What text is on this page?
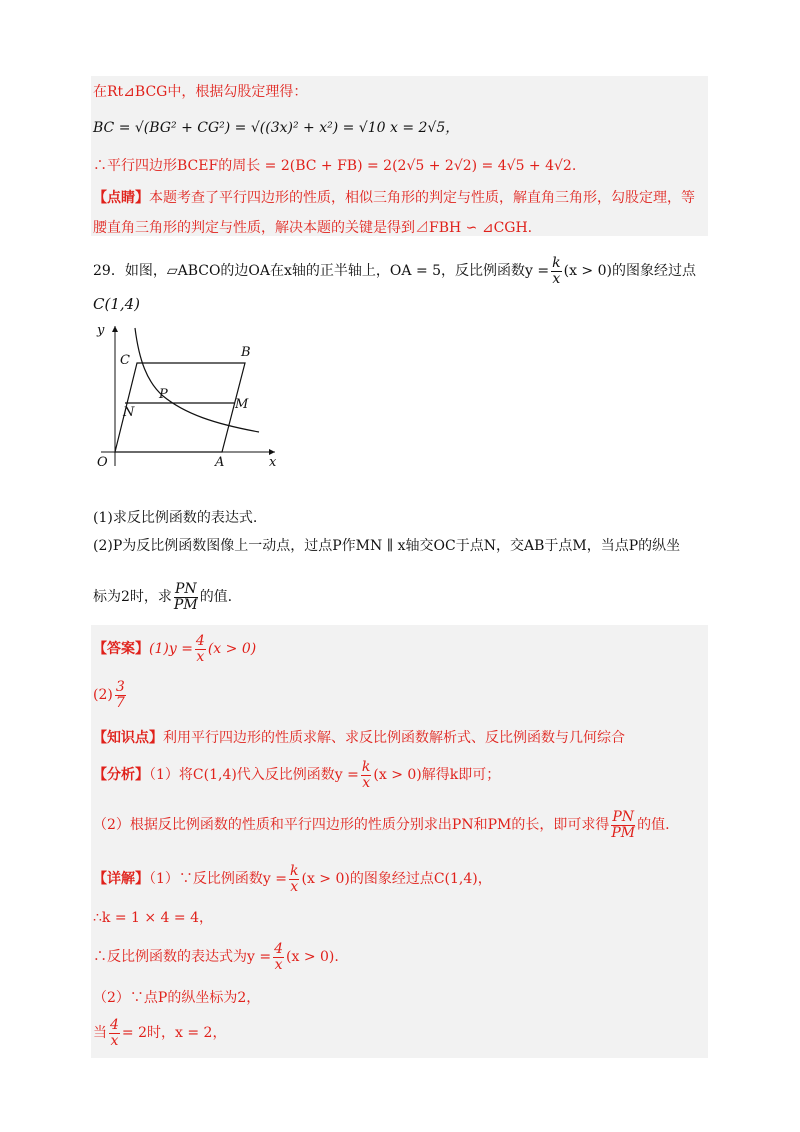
在Rt⊿BCG中，根据勾股定理得：
BC = √(BG² + CG²) = √((3x)² + x²) = √10 x = 2√5，
∴平行四边形BCEF的周长 = 2(BC + FB) = 2(2√5 + 2√2) = 4√5 + 4√2.
【点睛】本题考查了平行四边形的性质，相似三角形的判定与性质，解直角三角形，勾股定理，等
腰直角三角形的判定与性质，解决本题的关键是得到⊿FBH ∽ ⊿CGH.
29．如图，▱ABCO的边OA在x轴的正半轴上，OA = 5，反比例函数$y = \frac{k}{x} (x > 0)$的图象经过点
C(1,4)
y
x
O	A
B
C
P
N
M
(1)求反比例函数的表达式.
(2)P为反比例函数图像上一动点，过点P作MN ∥ x轴交OC于点N，交AB于点M，当点P的纵坐
标为2时，求 $\frac{PN}{PM}$ 的值.
【答案】$(1)y = \frac{4}{x} (x > 0)$
$(2) \frac{3}{7}$
【知识点】利用平行四边形的性质求解、求反比例函数解析式、反比例函数与几何综合
【分析】（1）将C(1,4)代入反比例函数$y = \frac{k}{x} (x > 0)$解得k即可；
（2）根据反比例函数的性质和平行四边形的性质分别求出PN和PM的长，即可求得 $\frac{PN}{PM}$ 的值.
【详解】（1）∵反比例函数$y = \frac{k}{x} (x > 0)$的图象经过点C(1,4)，
∴k = 1 × 4 = 4，
∴反比例函数的表达式为$y = \frac{4}{x} (x > 0)$.
（2）∵点P的纵坐标为2，
当 $\frac{4}{x} = 2$时，x = 2，
